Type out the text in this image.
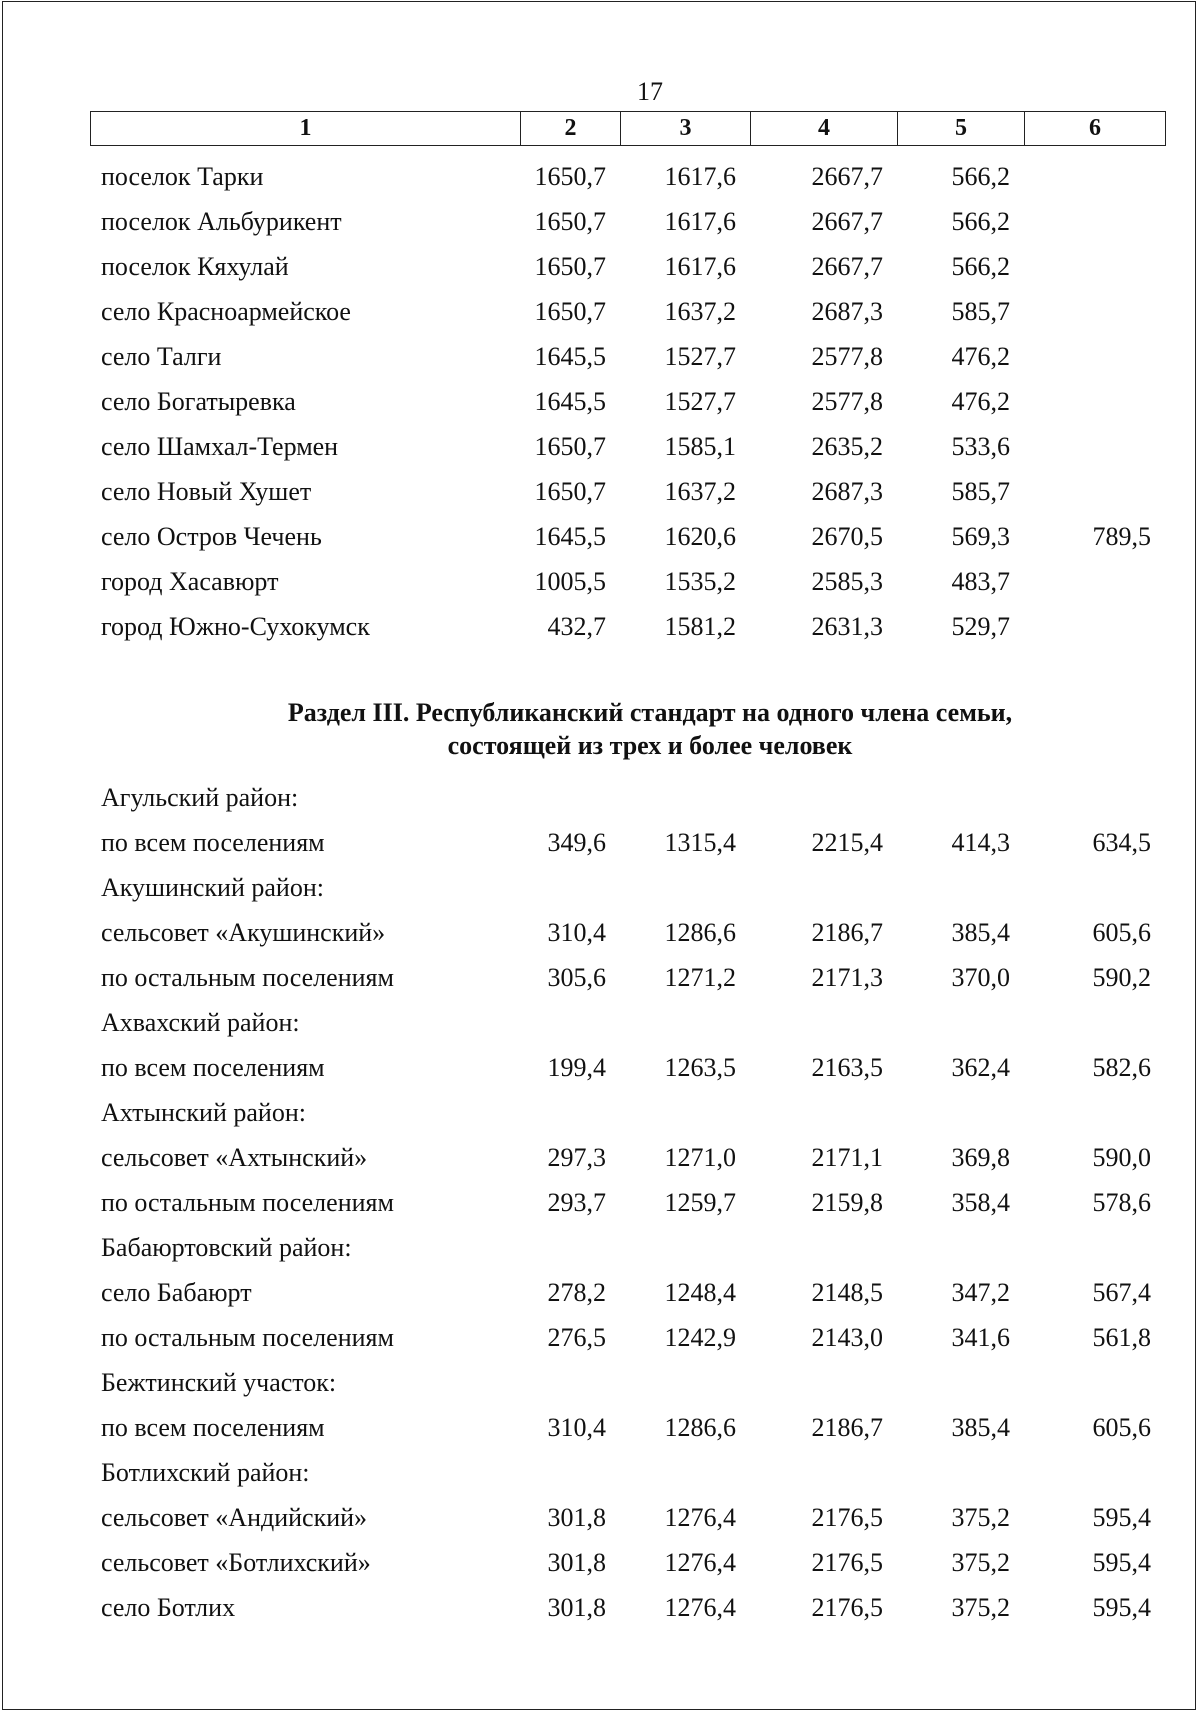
17
1	2	3	4	5	6
поселок Тарки	1650,7	1617,6	2667,7	566,2	
поселок Альбурикент	1650,7	1617,6	2667,7	566,2	
поселок Кяхулай	1650,7	1617,6	2667,7	566,2	
село Красноармейское	1650,7	1637,2	2687,3	585,7	
село Талги	1645,5	1527,7	2577,8	476,2	
село Богатыревка	1645,5	1527,7	2577,8	476,2	
село Шамхал-Термен	1650,7	1585,1	2635,2	533,6	
село Новый Хушет	1650,7	1637,2	2687,3	585,7	
село Остров Чечень	1645,5	1620,6	2670,5	569,3	789,5
город Хасавюрт	1005,5	1535,2	2585,3	483,7	
город Южно-Сухокумск	432,7	1581,2	2631,3	529,7	
Раздел III. Республиканский стандарт на одного члена семьи,
состоящей из трех и более человек
Агульский район:					
по всем поселениям	349,6	1315,4	2215,4	414,3	634,5
Акушинский район:					
сельсовет «Акушинский»	310,4	1286,6	2186,7	385,4	605,6
по остальным поселениям	305,6	1271,2	2171,3	370,0	590,2
Ахвахский район:					
по всем поселениям	199,4	1263,5	2163,5	362,4	582,6
Ахтынский район:					
сельсовет «Ахтынский»	297,3	1271,0	2171,1	369,8	590,0
по остальным поселениям	293,7	1259,7	2159,8	358,4	578,6
Бабаюртовский район:					
село Бабаюрт	278,2	1248,4	2148,5	347,2	567,4
по остальным поселениям	276,5	1242,9	2143,0	341,6	561,8
Бежтинский участок:					
по всем поселениям	310,4	1286,6	2186,7	385,4	605,6
Ботлихский район:					
сельсовет «Андийский»	301,8	1276,4	2176,5	375,2	595,4
сельсовет «Ботлихский»	301,8	1276,4	2176,5	375,2	595,4
село Ботлих	301,8	1276,4	2176,5	375,2	595,4
